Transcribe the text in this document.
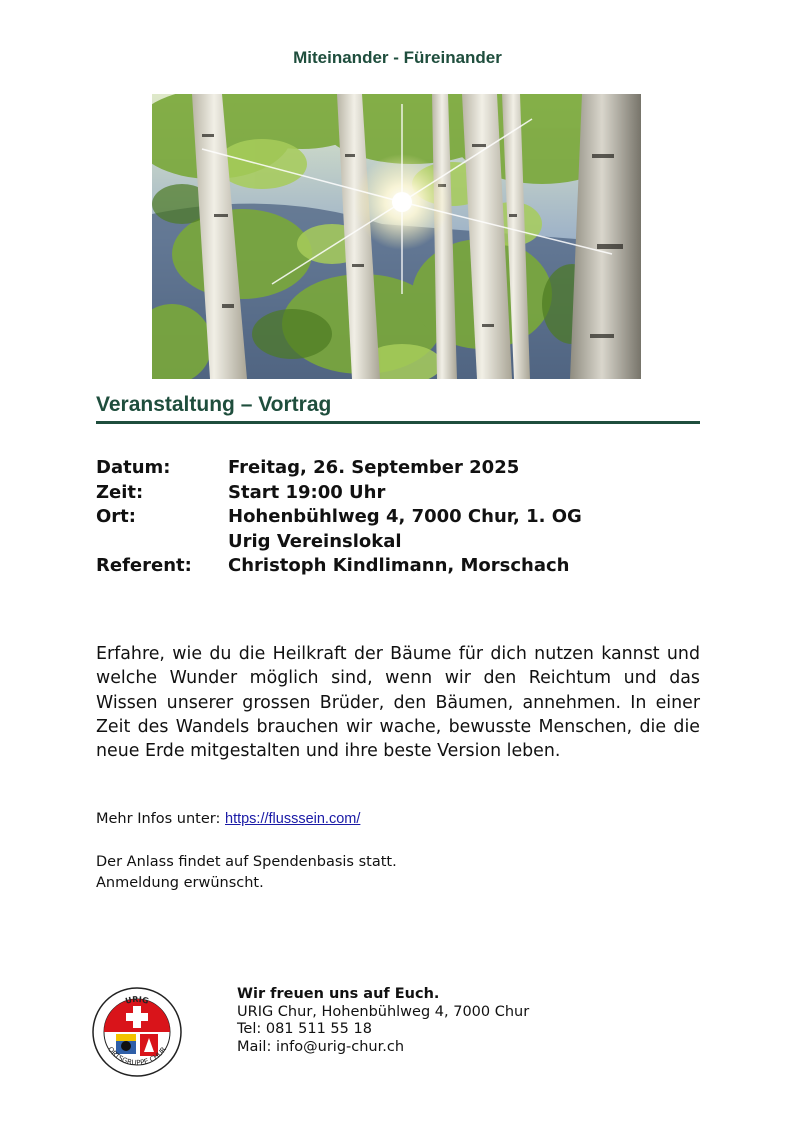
Miteinander - Füreinander
Veranstaltung – Vortrag
Datum:	Freitag, 26. September 2025
Zeit:	Start 19:00 Uhr
Ort:	Hohenbühlweg 4, 7000 Chur, 1. OG
Urig Vereinslokal
Referent: Christoph Kindlimann, Morschach
Erfahre, wie du die Heilkraft der Bäume für dich nutzen kannst und welche Wunder möglich sind, wenn wir den Reichtum und das Wissen unserer grossen Brüder, den Bäumen, annehmen. In einer Zeit des Wandels brauchen wir wache, bewusste Menschen, die die neue Erde mitgestalten und ihre beste Version leben.
Mehr Infos unter: https://flusssein.com/
Der Anlass findet auf Spendenbasis statt.
Anmeldung erwünscht.
URIG
ORTSGRUPPE CHUR
Wir freuen uns auf Euch.
URIG Chur, Hohenbühlweg 4, 7000 Chur
Tel: 081 511 55 18
Mail: info@urig-chur.ch
